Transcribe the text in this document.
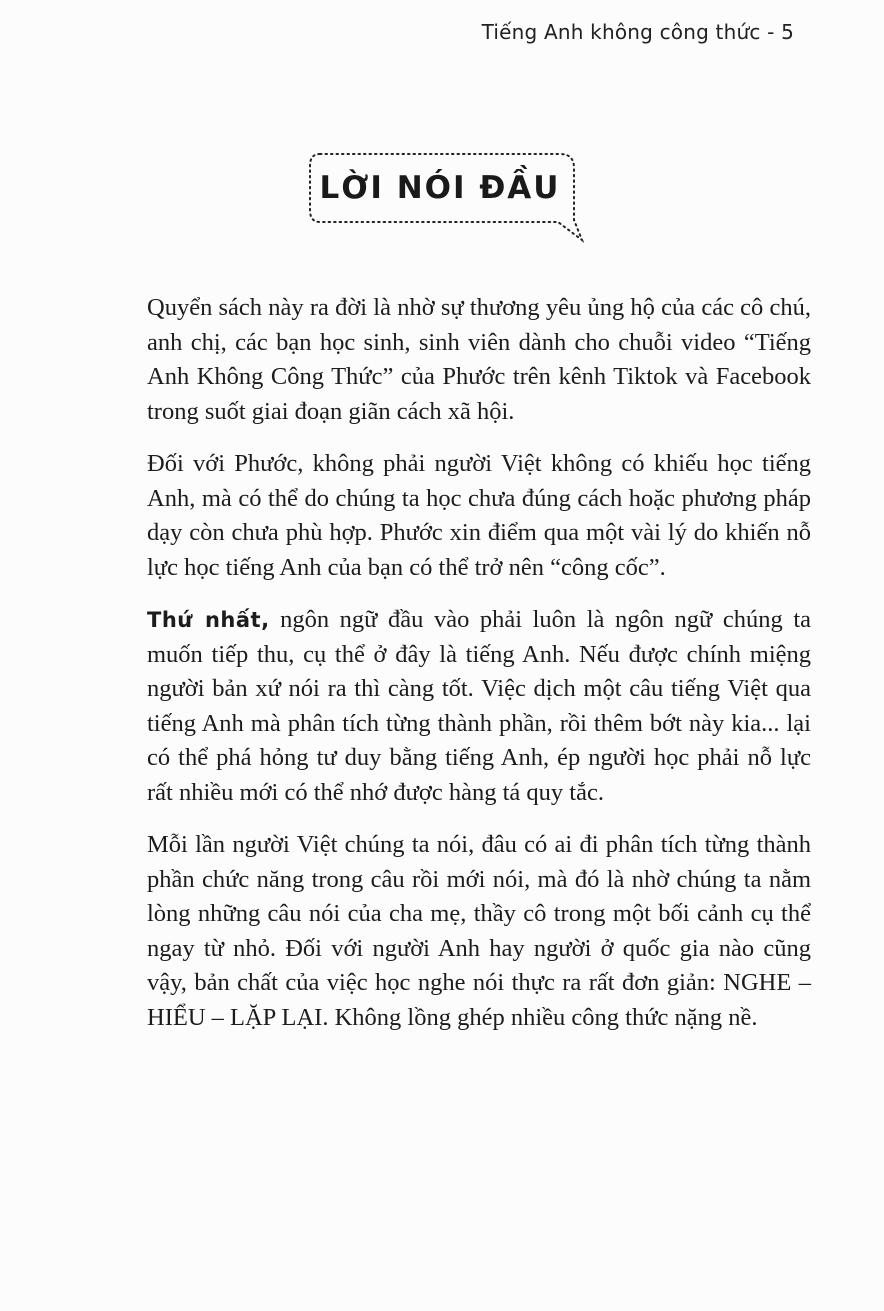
Tiếng Anh không công thức - 5
LỜI NÓI ĐẦU

Quyển sách này ra đời là nhờ sự thương yêu ủng hộ của các cô chú, anh chị, các bạn học sinh, sinh viên dành cho chuỗi video “Tiếng Anh Không Công Thức” của Phước trên kênh Tiktok và Facebook trong suốt giai đoạn giãn cách xã hội.

Đối với Phước, không phải người Việt không có khiếu học tiếng Anh, mà có thể do chúng ta học chưa đúng cách hoặc phương pháp dạy còn chưa phù hợp. Phước xin điểm qua một vài lý do khiến nỗ lực học tiếng Anh của bạn có thể trở nên “công cốc”.

Thứ nhất, ngôn ngữ đầu vào phải luôn là ngôn ngữ chúng ta muốn tiếp thu, cụ thể ở đây là tiếng Anh. Nếu được chính miệng người bản xứ nói ra thì càng tốt. Việc dịch một câu tiếng Việt qua tiếng Anh mà phân tích từng thành phần, rồi thêm bớt này kia... lại có thể phá hỏng tư duy bằng tiếng Anh, ép người học phải nỗ lực rất nhiều mới có thể nhớ được hàng tá quy tắc.

Mỗi lần người Việt chúng ta nói, đâu có ai đi phân tích từng thành phần chức năng trong câu rồi mới nói, mà đó là nhờ chúng ta nằm lòng những câu nói của cha mẹ, thầy cô trong một bối cảnh cụ thể ngay từ nhỏ. Đối với người Anh hay người ở quốc gia nào cũng vậy, bản chất của việc học nghe nói thực ra rất đơn giản: NGHE – HIỂU – LẶP LẠI. Không lồng ghép nhiều công thức nặng nề.
